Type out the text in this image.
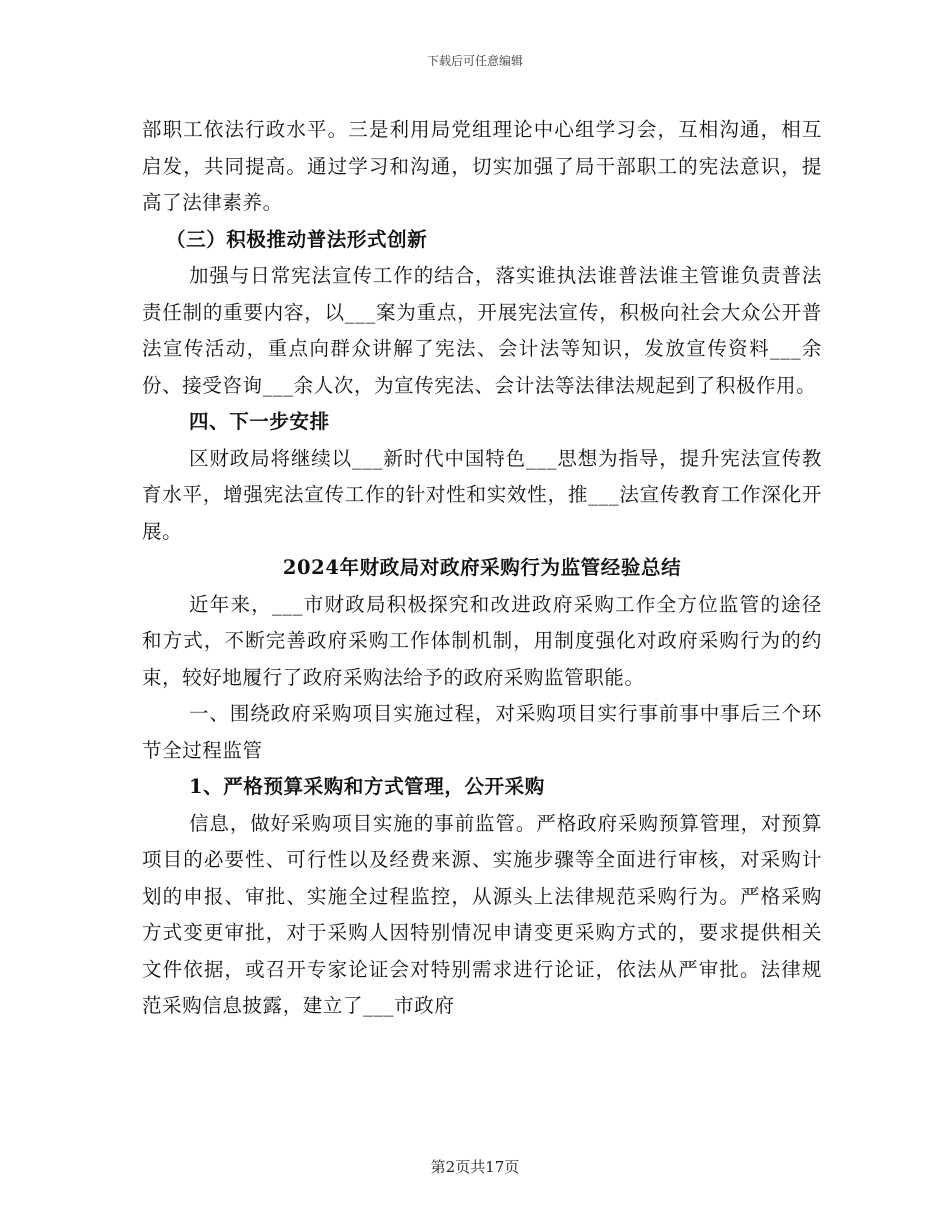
下载后可任意编辑

部职工依法行政水平。三是利用局党组理论中心组学习会，互相沟通，相互启发，共同提高。通过学习和沟通，切实加强了局干部职工的宪法意识，提高了法律素养。

（三）积极推动普法形式创新

加强与日常宪法宣传工作的结合，落实谁执法谁普法谁主管谁负责普法责任制的重要内容，以___案为重点，开展宪法宣传，积极向社会大众公开普法宣传活动，重点向群众讲解了宪法、会计法等知识，发放宣传资料___余份、接受咨询___余人次，为宣传宪法、会计法等法律法规起到了积极作用。

四、下一步安排

区财政局将继续以___新时代中国特色___思想为指导，提升宪法宣传教育水平，增强宪法宣传工作的针对性和实效性，推___法宣传教育工作深化开展。

2024年财政局对政府采购行为监管经验总结

近年来，___市财政局积极探究和改进政府采购工作全方位监管的途径和方式，不断完善政府采购工作体制机制，用制度强化对政府采购行为的约束，较好地履行了政府采购法给予的政府采购监管职能。

一、围绕政府采购项目实施过程，对采购项目实行事前事中事后三个环节全过程监管

1、严格预算采购和方式管理，公开采购

信息，做好采购项目实施的事前监管。严格政府采购预算管理，对预算项目的必要性、可行性以及经费来源、实施步骤等全面进行审核，对采购计划的申报、审批、实施全过程监控，从源头上法律规范采购行为。严格采购方式变更审批，对于采购人因特别情况申请变更采购方式的，要求提供相关文件依据，或召开专家论证会对特别需求进行论证，依法从严审批。法律规范采购信息披露，建立了___市政府

第2页共17页
